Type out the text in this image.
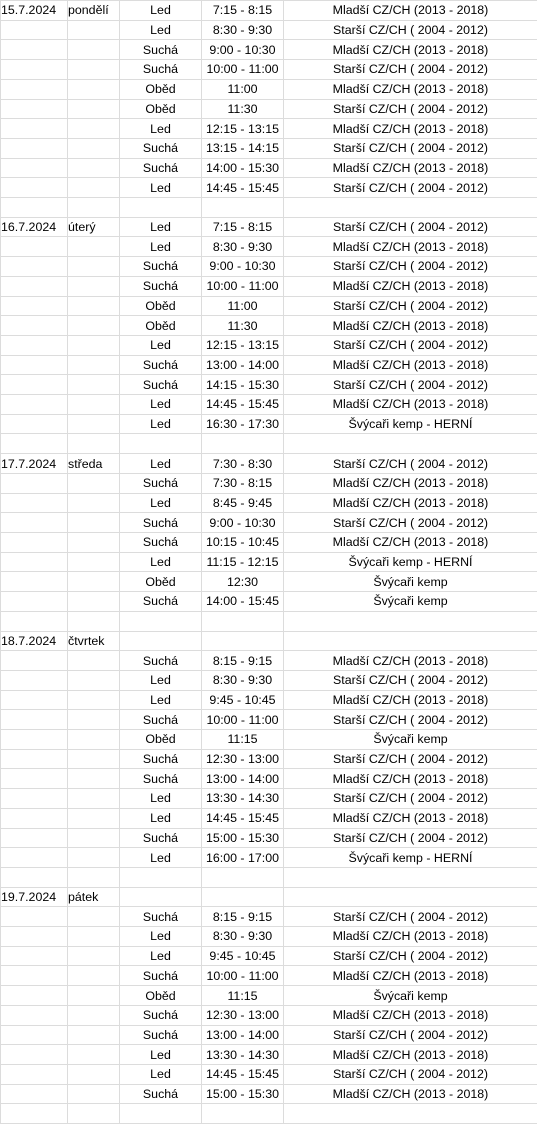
15.7.2024	pondělí	Led	7:15 - 8:15	Mladší CZ/CH (2013 - 2018)
		Led	8:30 - 9:30	Starší CZ/CH ( 2004 - 2012)
		Suchá	9:00 - 10:30	Mladší CZ/CH (2013 - 2018)
		Suchá	10:00 - 11:00	Starší CZ/CH ( 2004 - 2012)
		Oběd	11:00	Mladší CZ/CH (2013 - 2018)
		Oběd	11:30	Starší CZ/CH ( 2004 - 2012)
		Led	12:15 - 13:15	Mladší CZ/CH (2013 - 2018)
		Suchá	13:15 - 14:15	Starší CZ/CH ( 2004 - 2012)
		Suchá	14:00 - 15:30	Mladší CZ/CH (2013 - 2018)
		Led	14:45 - 15:45	Starší CZ/CH ( 2004 - 2012)

16.7.2024	úterý	Led	7:15 - 8:15	Starší CZ/CH ( 2004 - 2012)
		Led	8:30 - 9:30	Mladší CZ/CH (2013 - 2018)
		Suchá	9:00 - 10:30	Starší CZ/CH ( 2004 - 2012)
		Suchá	10:00 - 11:00	Mladší CZ/CH (2013 - 2018)
		Oběd	11:00	Starší CZ/CH ( 2004 - 2012)
		Oběd	11:30	Mladší CZ/CH (2013 - 2018)
		Led	12:15 - 13:15	Starší CZ/CH ( 2004 - 2012)
		Suchá	13:00 - 14:00	Mladší CZ/CH (2013 - 2018)
		Suchá	14:15 - 15:30	Starší CZ/CH ( 2004 - 2012)
		Led	14:45 - 15:45	Mladší CZ/CH (2013 - 2018)
		Led	16:30 - 17:30	Švýcaři kemp - HERNÍ

17.7.2024	středa	Led	7:30 - 8:30	Starší CZ/CH ( 2004 - 2012)
		Suchá	7:30 - 8:15	Mladší CZ/CH (2013 - 2018)
		Led	8:45 - 9:45	Mladší CZ/CH (2013 - 2018)
		Suchá	9:00 - 10:30	Starší CZ/CH ( 2004 - 2012)
		Suchá	10:15 - 10:45	Mladší CZ/CH (2013 - 2018)
		Led	11:15 - 12:15	Švýcaři kemp - HERNÍ
		Oběd	12:30	Švýcaři kemp
		Suchá	14:00 - 15:45	Švýcaři kemp

18.7.2024	čtvrtek			
		Suchá	8:15 - 9:15	Mladší CZ/CH (2013 - 2018)
		Led	8:30 - 9:30	Starší CZ/CH ( 2004 - 2012)
		Led	9:45 - 10:45	Mladší CZ/CH (2013 - 2018)
		Suchá	10:00 - 11:00	Starší CZ/CH ( 2004 - 2012)
		Oběd	11:15	Švýcaři kemp
		Suchá	12:30 - 13:00	Starší CZ/CH ( 2004 - 2012)
		Suchá	13:00 - 14:00	Mladší CZ/CH (2013 - 2018)
		Led	13:30 - 14:30	Starší CZ/CH ( 2004 - 2012)
		Led	14:45 - 15:45	Mladší CZ/CH (2013 - 2018)
		Suchá	15:00 - 15:30	Starší CZ/CH ( 2004 - 2012)
		Led	16:00 - 17:00	Švýcaři kemp - HERNÍ

19.7.2024	pátek			
		Suchá	8:15 - 9:15	Starší CZ/CH ( 2004 - 2012)
		Led	8:30 - 9:30	Mladší CZ/CH (2013 - 2018)
		Led	9:45 - 10:45	Starší CZ/CH ( 2004 - 2012)
		Suchá	10:00 - 11:00	Mladší CZ/CH (2013 - 2018)
		Oběd	11:15	Švýcaři kemp
		Suchá	12:30 - 13:00	Mladší CZ/CH (2013 - 2018)
		Suchá	13:00 - 14:00	Starší CZ/CH ( 2004 - 2012)
		Led	13:30 - 14:30	Mladší CZ/CH (2013 - 2018)
		Led	14:45 - 15:45	Starší CZ/CH ( 2004 - 2012)
		Suchá	15:00 - 15:30	Mladší CZ/CH (2013 - 2018)
